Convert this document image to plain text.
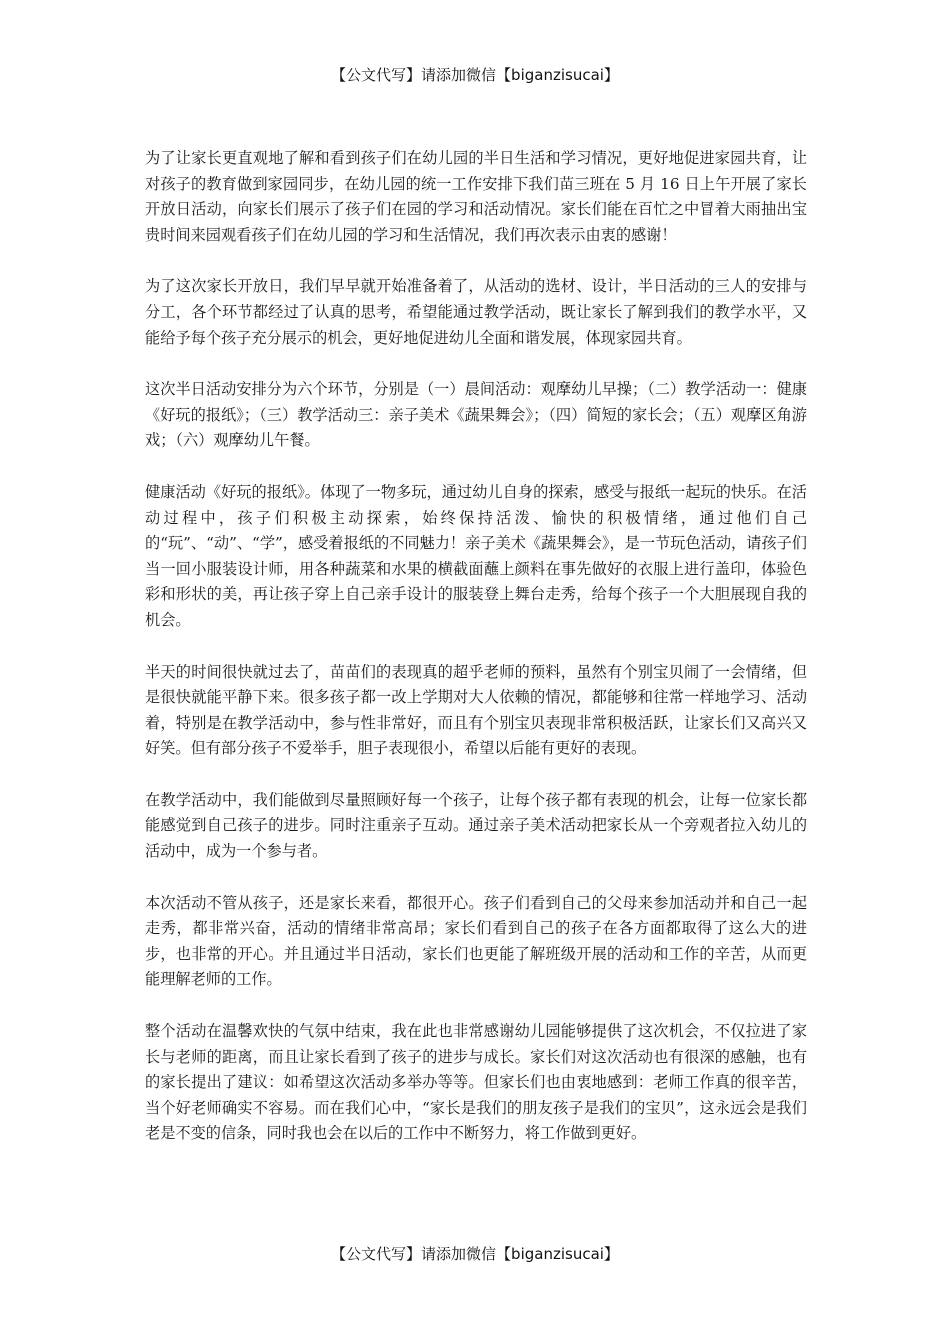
【公文代写】请添加微信【biganzisucai】

为了让家长更直观地了解和看到孩子们在幼儿园的半日生活和学习情况，更好地促进家园共育，让对孩子的教育做到家园同步，在幼儿园的统一工作安排下我们苗三班在 5 月 16 日上午开展了家长开放日活动，向家长们展示了孩子们在园的学习和活动情况。家长们能在百忙之中冒着大雨抽出宝贵时间来园观看孩子们在幼儿园的学习和生活情况，我们再次表示由衷的感谢！

为了这次家长开放日，我们早早就开始准备着了，从活动的选材、设计，半日活动的三人的安排与分工，各个环节都经过了认真的思考，希望能通过教学活动，既让家长了解到我们的教学水平，又能给予每个孩子充分展示的机会，更好地促进幼儿全面和谐发展，体现家园共育。

这次半日活动安排分为六个环节，分别是（一）晨间活动：观摩幼儿早操；（二）教学活动一：健康《好玩的报纸》；（三）教学活动三：亲子美术《蔬果舞会》；（四）简短的家长会；（五）观摩区角游戏；（六）观摩幼儿午餐。

健康活动《好玩的报纸》。体现了一物多玩，通过幼儿自身的探索，感受与报纸一起玩的快乐。在活动过程中，孩子们积极主动探索，始终保持活泼、愉快的积极情绪，通过他们自己的“玩”、“动”、“学”，感受着报纸的不同魅力！亲子美术《蔬果舞会》，是一节玩色活动，请孩子们当一回小服装设计师，用各种蔬菜和水果的横截面蘸上颜料在事先做好的衣服上进行盖印，体验色彩和形状的美，再让孩子穿上自己亲手设计的服装登上舞台走秀，给每个孩子一个大胆展现自我的机会。

半天的时间很快就过去了，苗苗们的表现真的超乎老师的预料，虽然有个别宝贝闹了一会情绪，但是很快就能平静下来。很多孩子都一改上学期对大人依赖的情况，都能够和往常一样地学习、活动着，特别是在教学活动中，参与性非常好，而且有个别宝贝表现非常积极活跃，让家长们又高兴又好笑。但有部分孩子不爱举手，胆子表现很小，希望以后能有更好的表现。

在教学活动中，我们能做到尽量照顾好每一个孩子，让每个孩子都有表现的机会，让每一位家长都能感觉到自己孩子的进步。同时注重亲子互动。通过亲子美术活动把家长从一个旁观者拉入幼儿的活动中，成为一个参与者。

本次活动不管从孩子，还是家长来看，都很开心。孩子们看到自己的父母来参加活动并和自己一起走秀，都非常兴奋，活动的情绪非常高昂；家长们看到自己的孩子在各方面都取得了这么大的进步，也非常的开心。并且通过半日活动，家长们也更能了解班级开展的活动和工作的辛苦，从而更能理解老师的工作。

整个活动在温馨欢快的气氛中结束，我在此也非常感谢幼儿园能够提供了这次机会，不仅拉进了家长与老师的距离，而且让家长看到了孩子的进步与成长。家长们对这次活动也有很深的感触，也有的家长提出了建议：如希望这次活动多举办等等。但家长们也由衷地感到：老师工作真的很辛苦，当个好老师确实不容易。而在我们心中，“家长是我们的朋友孩子是我们的宝贝”，这永远会是我们老是不变的信条，同时我也会在以后的工作中不断努力，将工作做到更好。

【公文代写】请添加微信【biganzisucai】
